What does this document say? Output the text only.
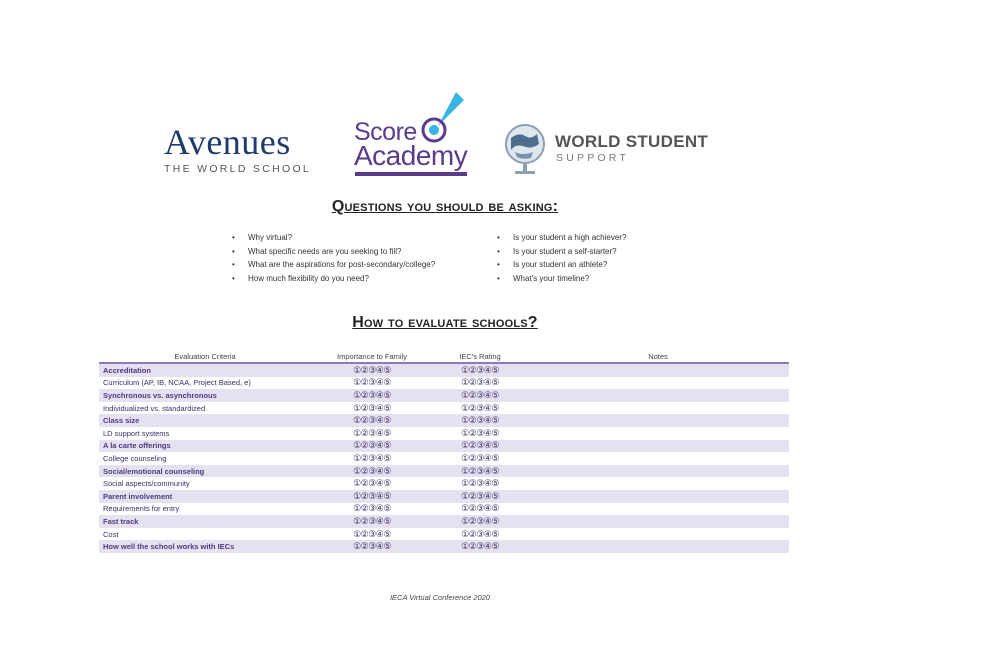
Avenues
THE WORLD SCHOOL
Score
Academy	WORLD STUDENT
SUPPORT
Questions you should be asking:
• Why virtual?
• What specific needs are you seeking to fill?
• What are the aspirations for post-secondary/college?
• How much flexibility do you need?
• Is your student a high achiever?
• Is your student a self-starter?
• Is your student an athlete?
• What's your timeline?
How to evaluate schools?
Evaluation Criteria	Importance to Family	IEC's Rating	Notes
Accreditation	①②③④⑤	①②③④⑤	
Curriculum (AP, IB, NCAA, Project Based, e)	①②③④⑤	①②③④⑤	
Synchronous vs. asynchronous	①②③④⑤	①②③④⑤	
Individualized vs. standardized	①②③④⑤	①②③④⑤	
Class size	①②③④⑤	①②③④⑤	
LD support systems	①②③④⑤	①②③④⑤	
A la carte offerings	①②③④⑤	①②③④⑤	
College counseling	①②③④⑤	①②③④⑤	
Social/emotional counseling	①②③④⑤	①②③④⑤	
Social aspects/community	①②③④⑤	①②③④⑤	
Parent involvement	①②③④⑤	①②③④⑤	
Requirements for entry	①②③④⑤	①②③④⑤	
Fast track	①②③④⑤	①②③④⑤	
Cost	①②③④⑤	①②③④⑤	
How well the school works with IECs	①②③④⑤	①②③④⑤	
IECA Virtual Conference 2020
